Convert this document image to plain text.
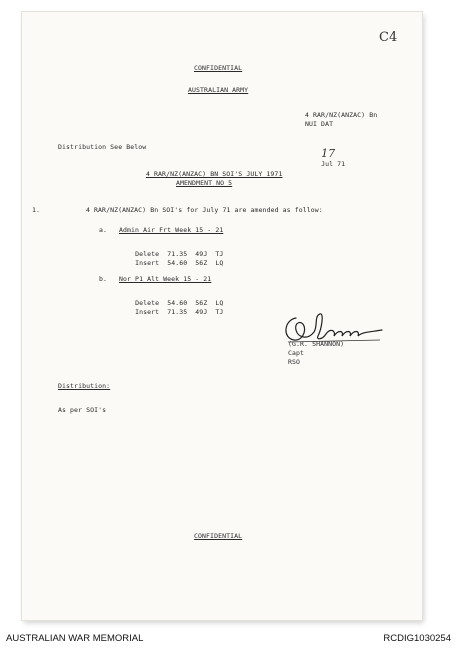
C4
CONFIDENTIAL
AUSTRALIAN ARMY
4 RAR/NZ(ANZAC) Bn
NUI DAT
Distribution See Below	17
Jul 71

4 RAR/NZ(ANZAC) BN SOI'S JULY 1971
AMENDMENT NO 5
1.	4 RAR/NZ(ANZAC) Bn SOI's for July 71 are amended as follow:
a. Admin Air Frt Week 15 - 21

Delete 71.35 49J TJ

Insert 54.60 56Z LQ

b. Nor P1 Alt Week 15 - 21

Delete 54.60 56Z LQ

Insert 71.35 49J TJ

(G.R. SHANNON)
Capt
RSO
Distribution:
As per SOI's
CONFIDENTIAL
AUSTRALIAN WAR MEMORIAL	RCDIG1030254
